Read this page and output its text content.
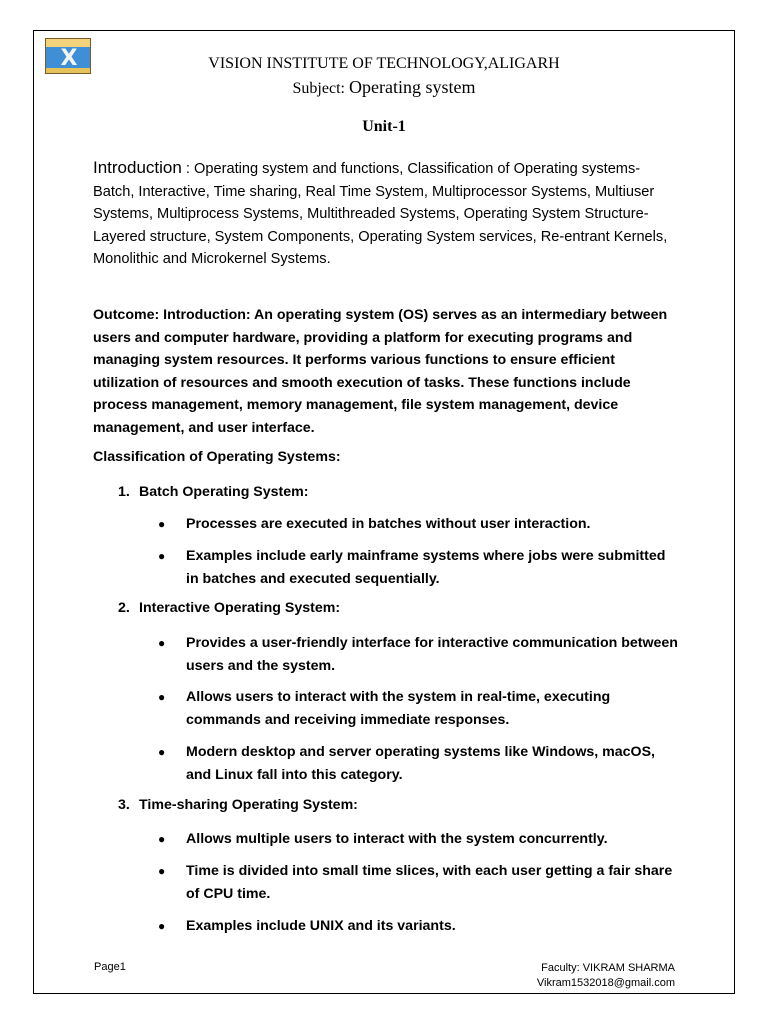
X	VISION INSTITUTE OF TECHNOLOGY,ALIGARH
Subject: Operating system
Unit-1
Introduction : Operating system and functions, Classification of Operating systems- Batch, Interactive, Time sharing, Real Time System, Multiprocessor Systems, Multiuser Systems, Multiprocess Systems, Multithreaded Systems, Operating System Structure- Layered structure, System Components, Operating System services, Re-entrant Kernels, Monolithic and Microkernel Systems.
Outcome: Introduction: An operating system (OS) serves as an intermediary between users and computer hardware, providing a platform for executing programs and managing system resources. It performs various functions to ensure efficient utilization of resources and smooth execution of tasks. These functions include process management, memory management, file system management, device management, and user interface.
Classification of Operating Systems:
1. Batch Operating System:
● Processes are executed in batches without user interaction.
● Examples include early mainframe systems where jobs were submitted in batches and executed sequentially.
2. Interactive Operating System:
● Provides a user-friendly interface for interactive communication between users and the system.
● Allows users to interact with the system in real-time, executing commands and receiving immediate responses.
● Modern desktop and server operating systems like Windows, macOS, and Linux fall into this category.
3. Time-sharing Operating System:
● Allows multiple users to interact with the system concurrently.
● Time is divided into small time slices, with each user getting a fair share of CPU time.
● Examples include UNIX and its variants.
Page1	Faculty: VIKRAM SHARMA
Vikram1532018@gmail.com
